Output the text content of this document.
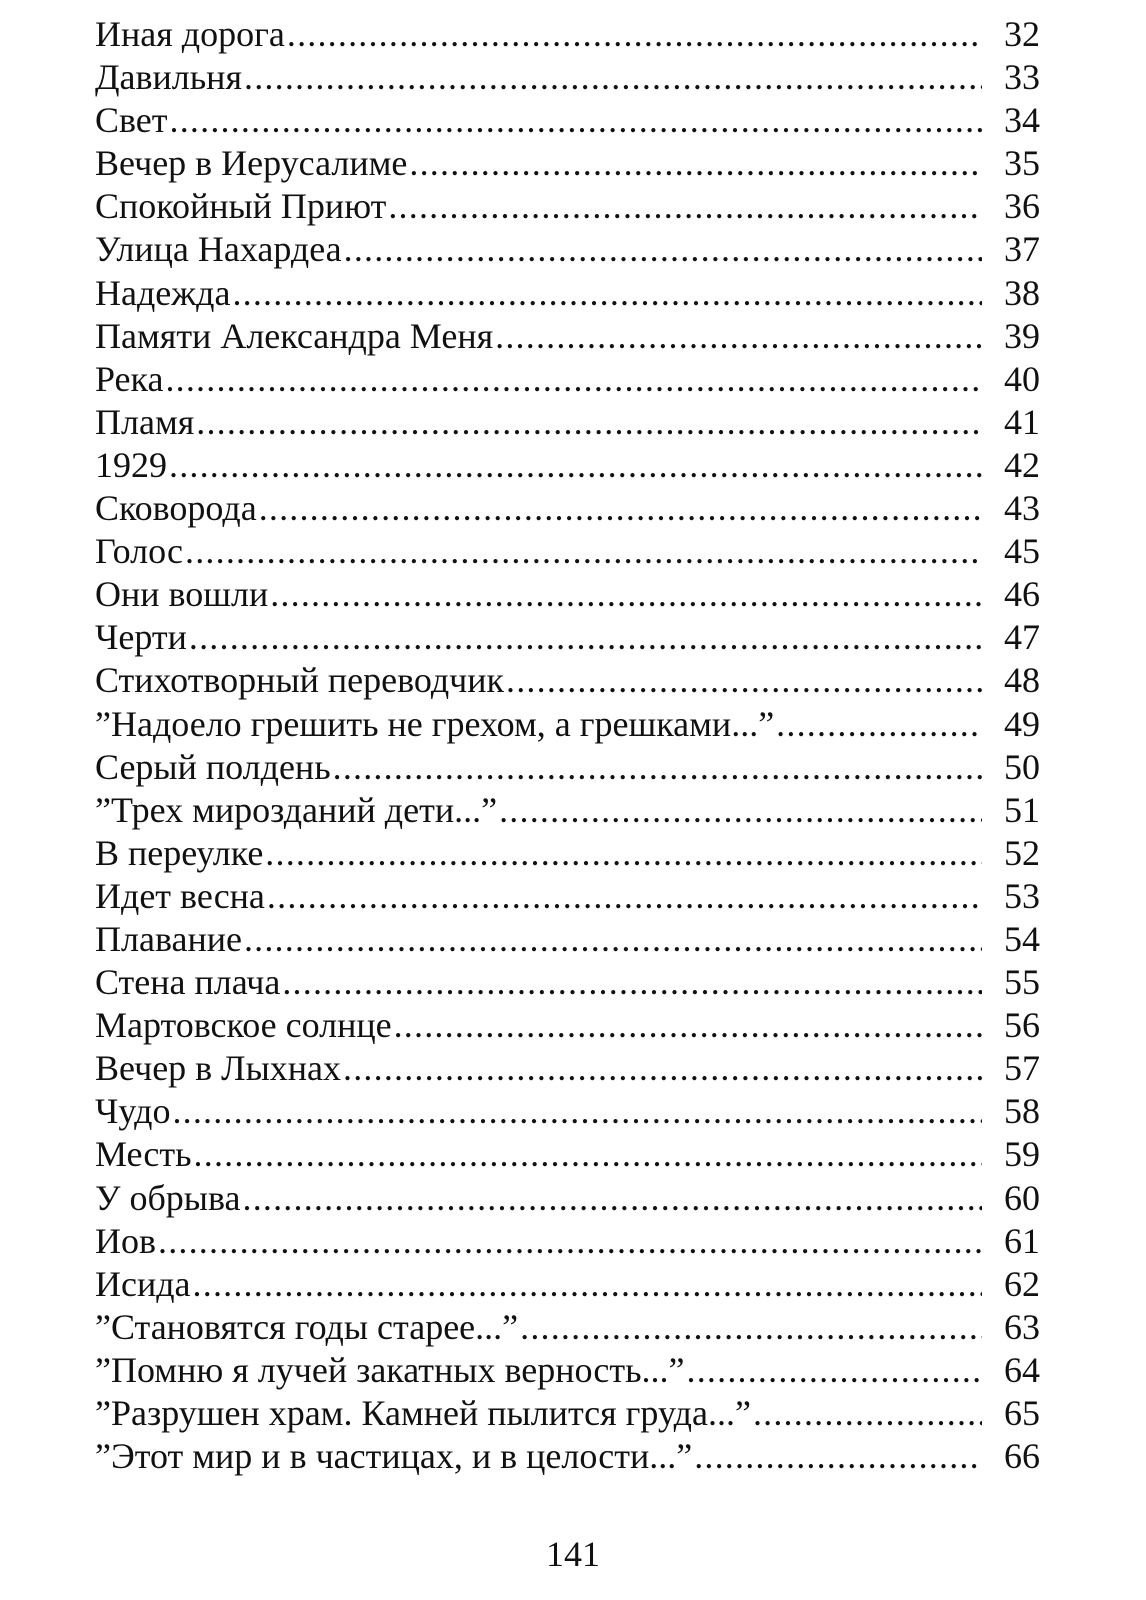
Иная дорога .....	32
Давильня .....	33
Свет .....	34
Вечер в Иерусалиме .....	35
Спокойный Приют .....	36
Улица Нахардеа .....	37
Надежда .....	38
Памяти Александра Меня .....	39
Река .....	40
Пламя .....	41
1929 .....	42
Сковорода .....	43
Голос .....	45
Они вошли .....	46
Черти .....	47
Стихотворный переводчик .....	48
”Надоело грешить не грехом, а грешками...” .....	49
Серый полдень .....	50
”Трех мирозданий дети...” .....	51
В переулке .....	52
Идет весна .....	53
Плавание .....	54
Стена плача .....	55
Мартовское солнце .....	56
Вечер в Лыхнах .....	57
Чудо .....	58
Месть .....	59
У обрыва .....	60
Иов .....	61
Исида .....	62
”Становятся годы старее...” .....	63
”Помню я лучей закатных верность...” .....	64
”Разрушен храм. Камней пылится груда...” .....	65
”Этот мир и в частицах, и в целости...” .....	66
141
